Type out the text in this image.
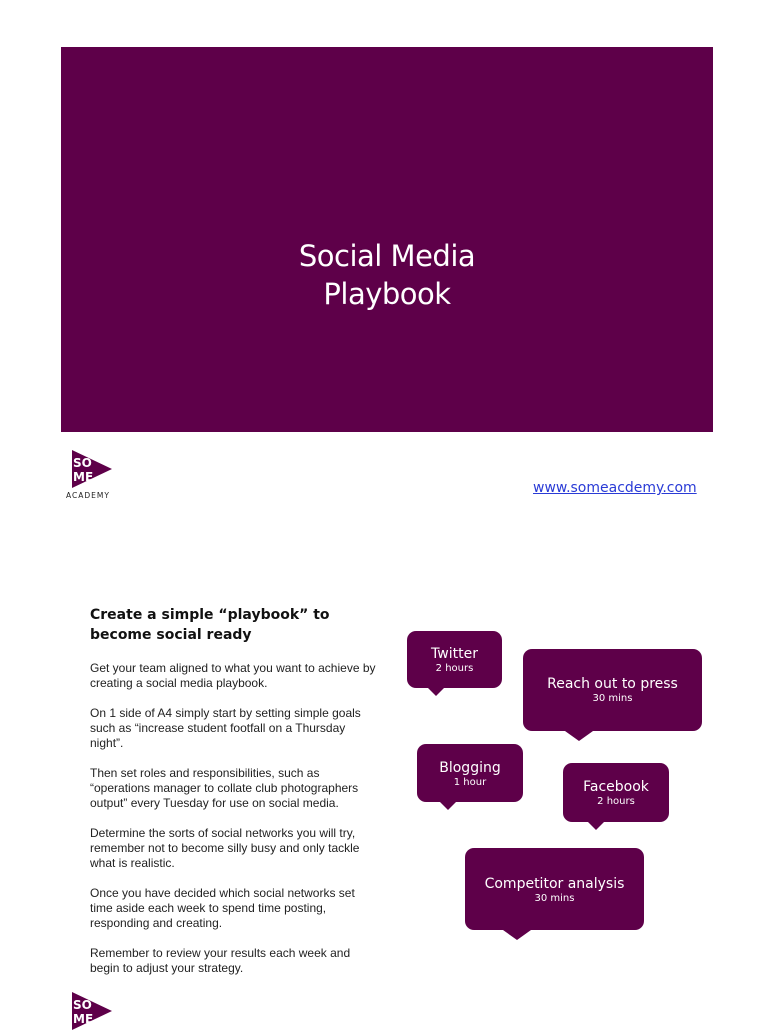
Social Media
Playbook
SO
ME
ACADEMY	www.someacdemy.com
Create a simple “playbook” to become social ready
Get your team aligned to what you want to achieve by creating a social media playbook.
On 1 side of A4 simply start by setting simple goals such as “increase student footfall on a Thursday night”.
Then set roles and responsibilities, such as “operations manager to collate club photographers output” every Tuesday for use on social media.
Determine the sorts of social networks you will try, remember not to become silly busy and only tackle what is realistic.
Once you have decided which social networks set time aside each week to spend time posting, responding and creating.
Remember to review your results each week and begin to adjust your strategy.
Twitter
2 hours
Reach out to press
30 mins
Blogging
1 hour	Facebook
2 hours
Competitor analysis
30 mins
SO
ME
